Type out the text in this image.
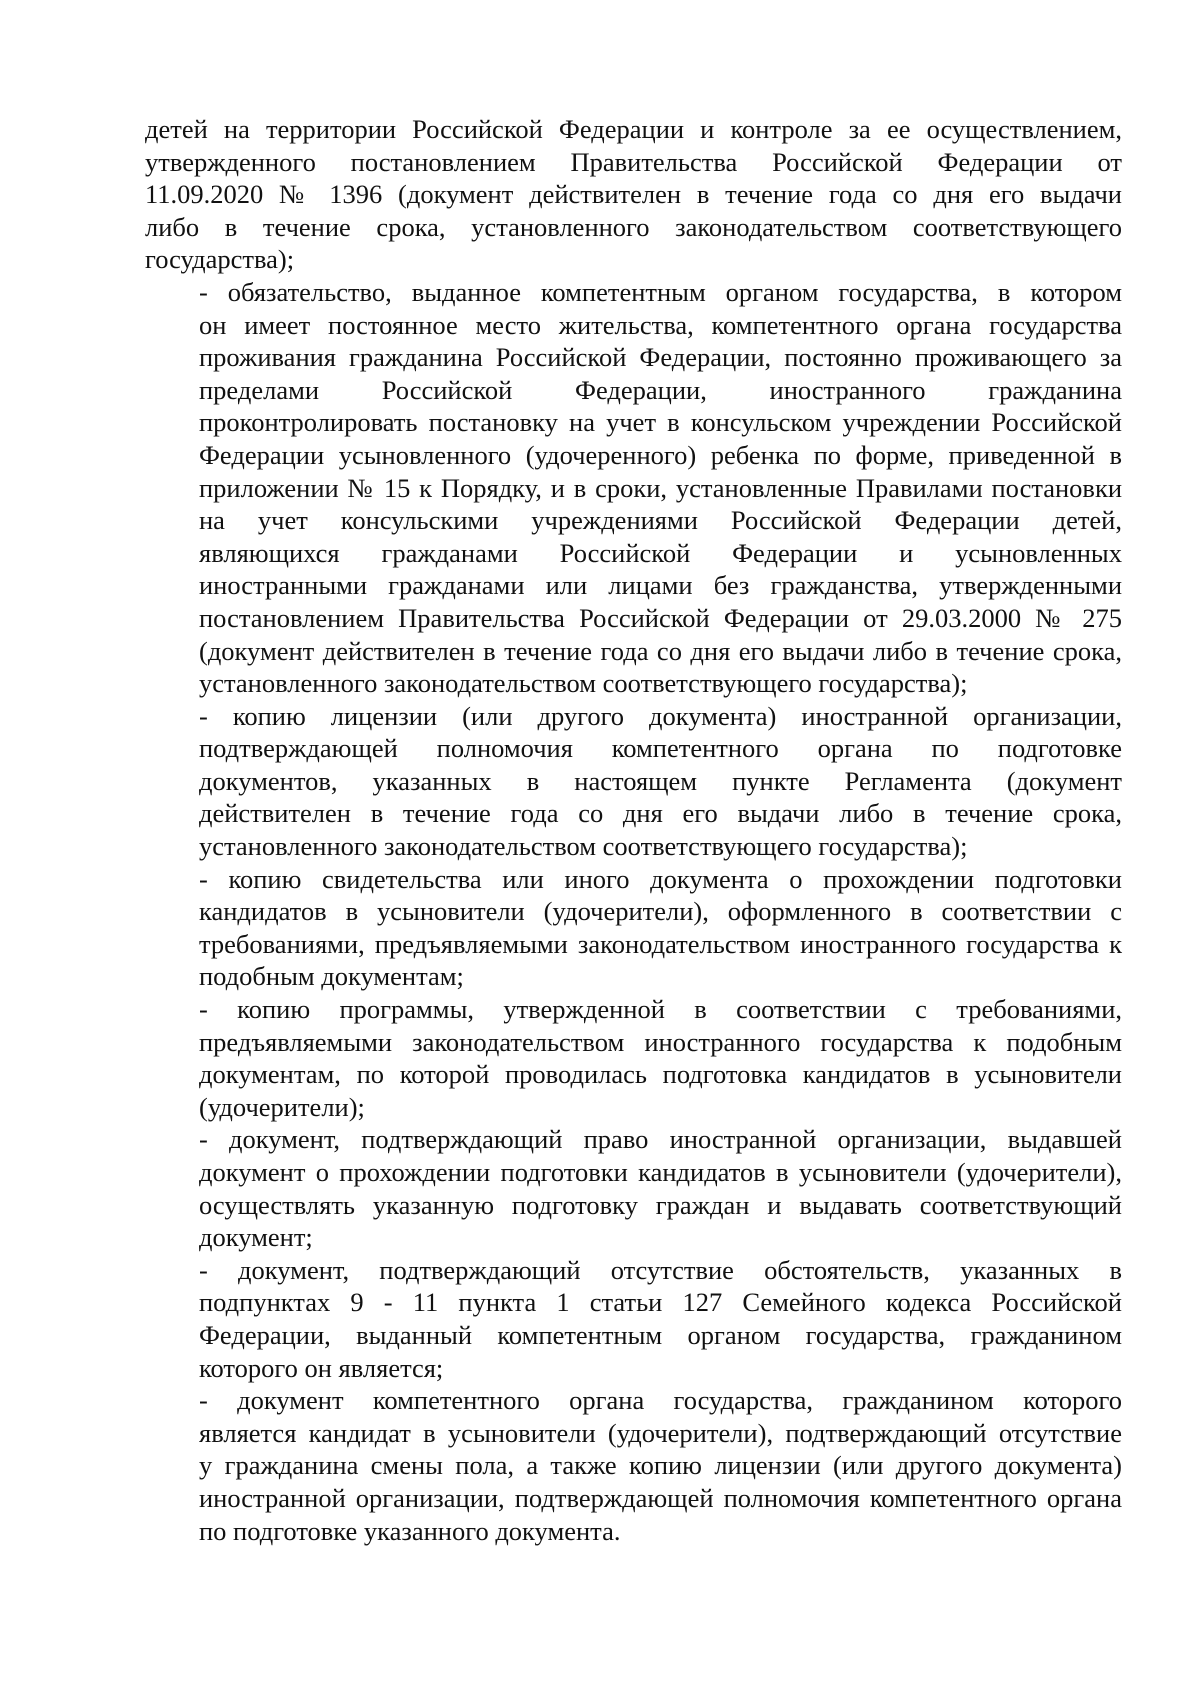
детей на территории Российской Федерации и контроле за ее осуществлением,
утвержденного постановлением Правительства Российской Федерации от
11.09.2020 № 1396 (документ действителен в течение года со дня его выдачи
либо в течение срока, установленного законодательством соответствующего
государства);
- обязательство, выданное компетентным органом государства, в котором
он имеет постоянное место жительства, компетентного органа государства
проживания гражданина Российской Федерации, постоянно проживающего за
пределами Российской Федерации, иностранного гражданина
проконтролировать постановку на учет в консульском учреждении Российской
Федерации усыновленного (удочеренного) ребенка по форме, приведенной в
приложении № 15 к Порядку, и в сроки, установленные Правилами постановки
на учет консульскими учреждениями Российской Федерации детей,
являющихся гражданами Российской Федерации и усыновленных
иностранными гражданами или лицами без гражданства, утвержденными
постановлением Правительства Российской Федерации от 29.03.2000 № 275
(документ действителен в течение года со дня его выдачи либо в течение срока,
установленного законодательством соответствующего государства);
- копию лицензии (или другого документа) иностранной организации,
подтверждающей полномочия компетентного органа по подготовке
документов, указанных в настоящем пункте Регламента (документ
действителен в течение года со дня его выдачи либо в течение срока,
установленного законодательством соответствующего государства);
- копию свидетельства или иного документа о прохождении подготовки
кандидатов в усыновители (удочерители), оформленного в соответствии с
требованиями, предъявляемыми законодательством иностранного государства к
подобным документам;
- копию программы, утвержденной в соответствии с требованиями,
предъявляемыми законодательством иностранного государства к подобным
документам, по которой проводилась подготовка кандидатов в усыновители
(удочерители);
- документ, подтверждающий право иностранной организации, выдавшей
документ о прохождении подготовки кандидатов в усыновители (удочерители),
осуществлять указанную подготовку граждан и выдавать соответствующий
документ;
- документ, подтверждающий отсутствие обстоятельств, указанных в
подпунктах 9 - 11 пункта 1 статьи 127 Семейного кодекса Российской
Федерации, выданный компетентным органом государства, гражданином
которого он является;
- документ компетентного органа государства, гражданином которого
является кандидат в усыновители (удочерители), подтверждающий отсутствие
у гражданина смены пола, а также копию лицензии (или другого документа)
иностранной организации, подтверждающей полномочия компетентного органа
по подготовке указанного документа.
